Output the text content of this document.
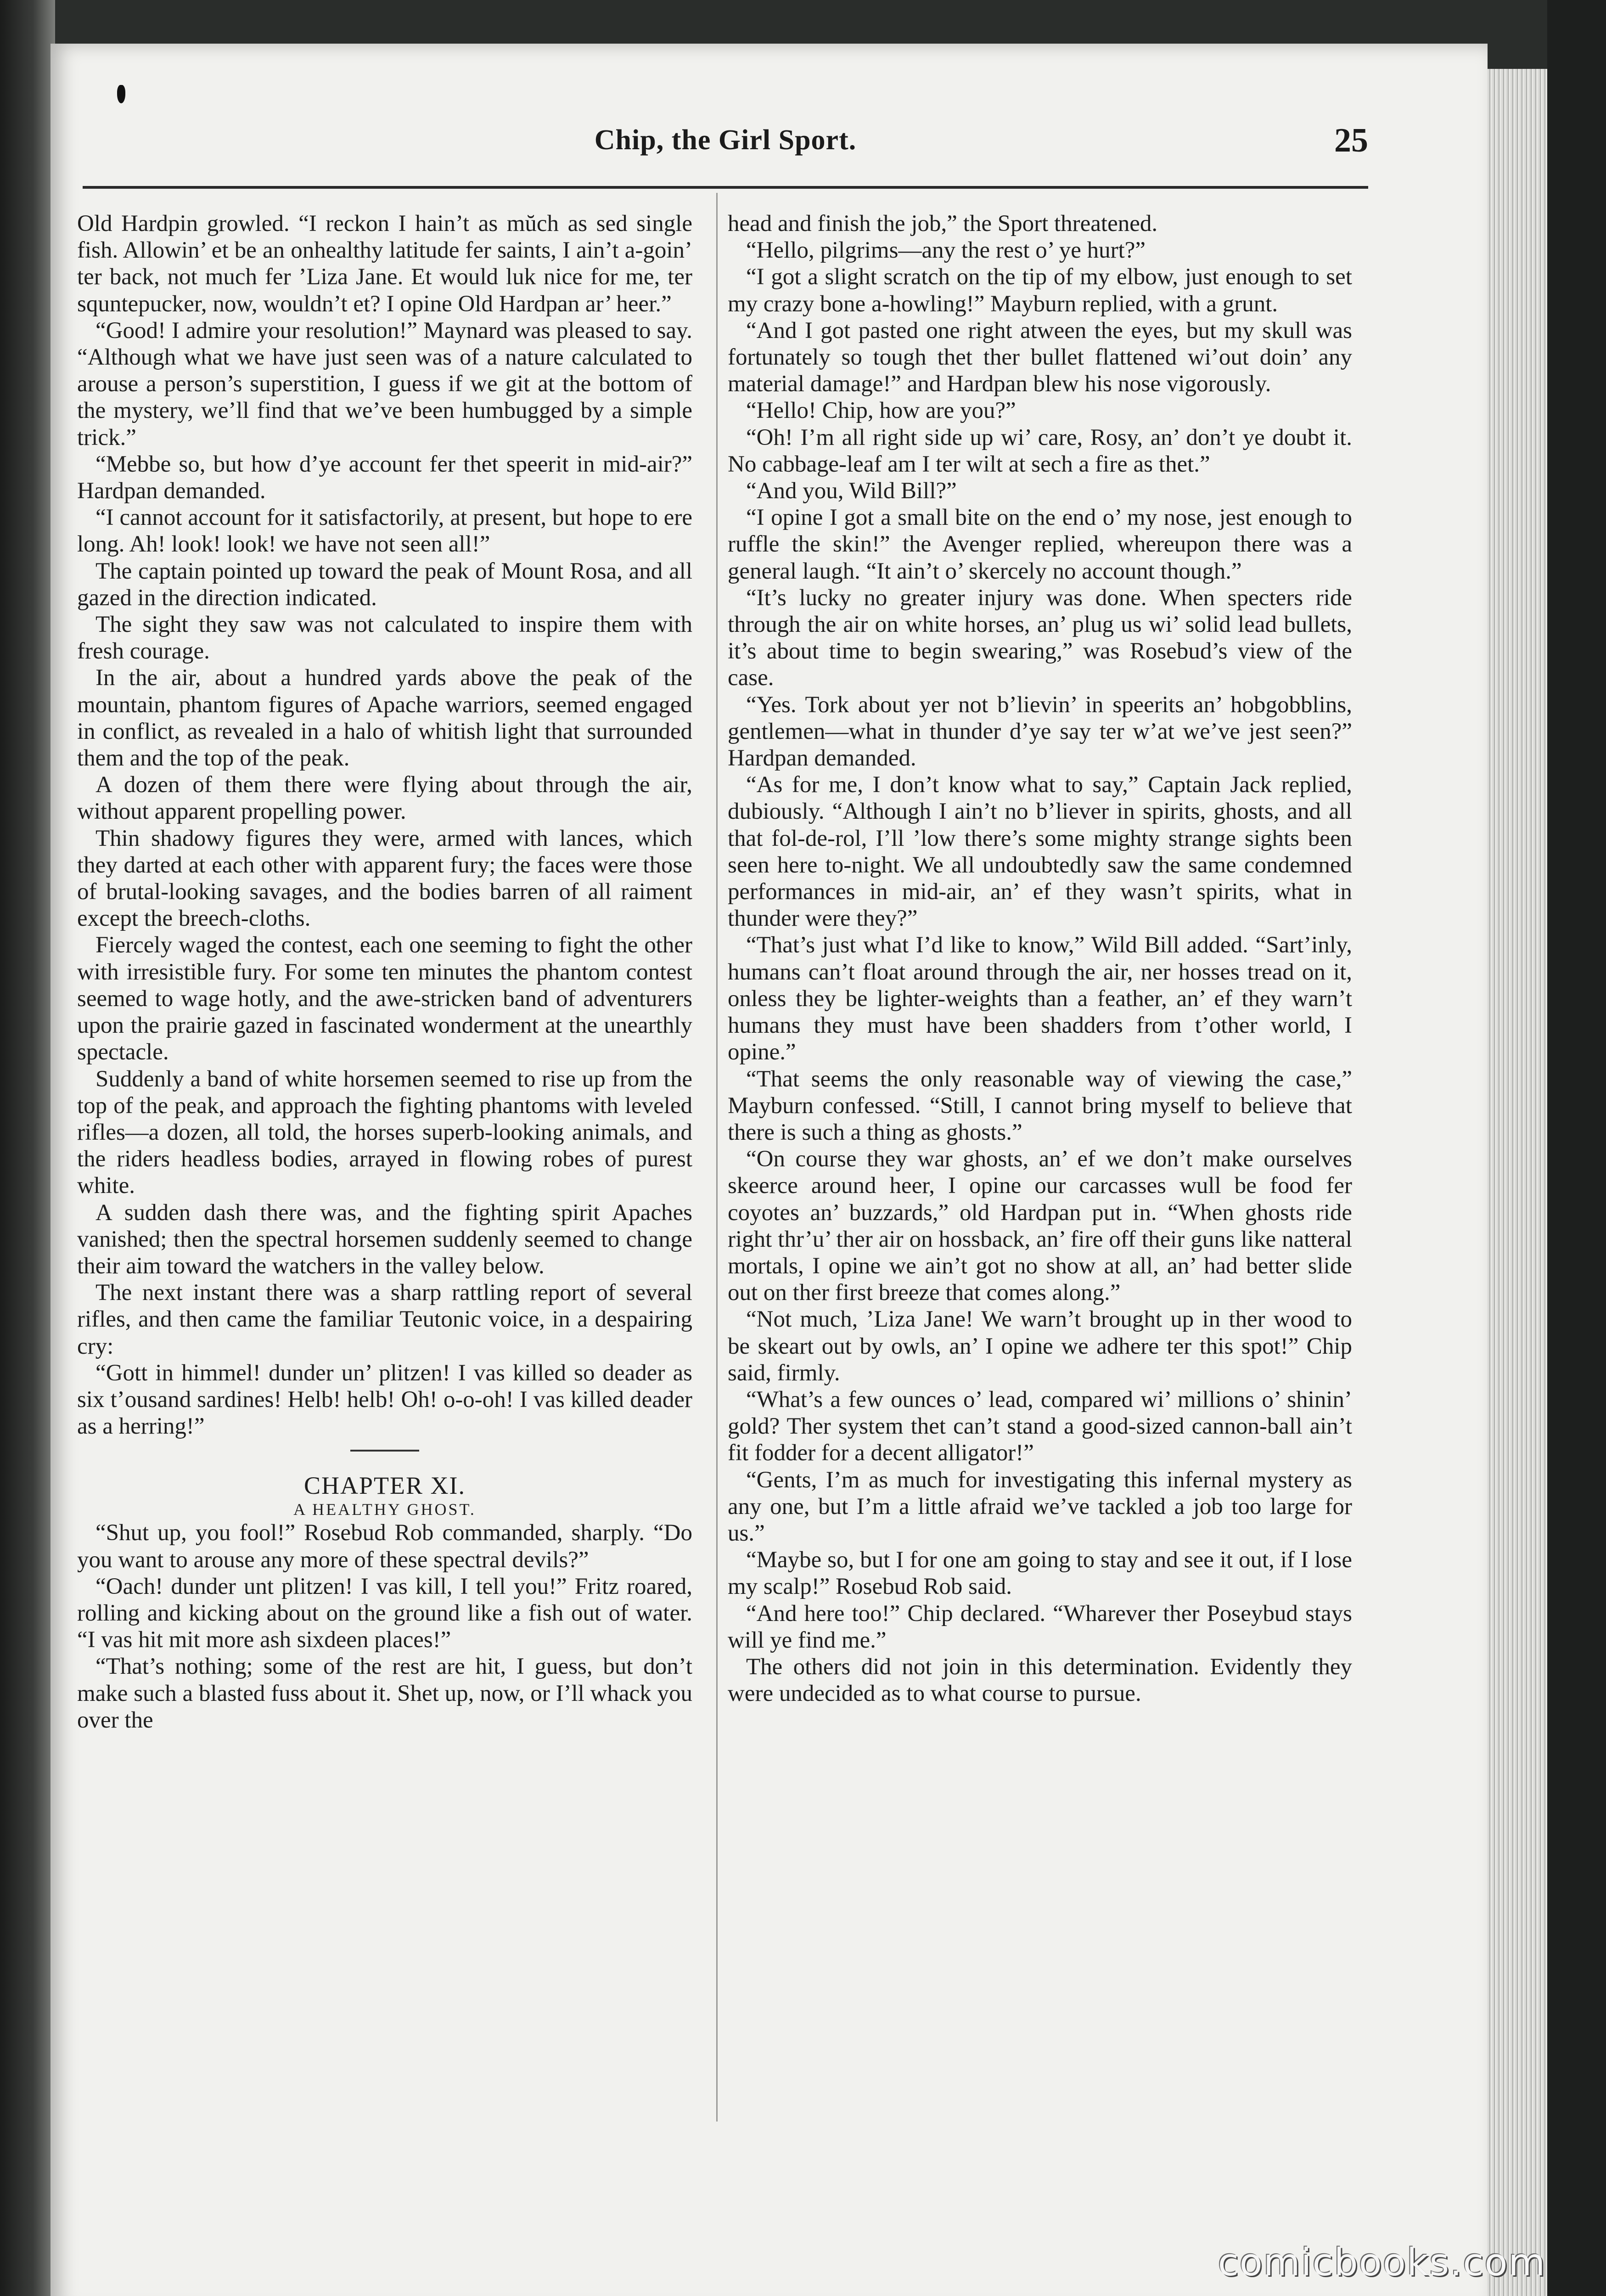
Chip, the Girl Sport.	25

Old Hardpin growled. “I reckon I hain’t as mŭch as sed single fish. Allowin’ et be an onhealthy latitude fer saints, I ain’t a-goin’ ter back, not much fer ’Liza Jane. Et would luk nice for me, ter squntepucker, now, wouldn’t et? I opine Old Hardpan ar’ heer.”

“Good! I admire your resolution!” Maynard was pleased to say. “Although what we have just seen was of a nature calculated to arouse a person’s superstition, I guess if we git at the bottom of the mystery, we’ll find that we’ve been humbugged by a simple trick.”

“Mebbe so, but how d’ye account fer thet speerit in mid-air?” Hardpan demanded.

“I cannot account for it satisfactorily, at present, but hope to ere long. Ah! look! look! we have not seen all!”

The captain pointed up toward the peak of Mount Rosa, and all gazed in the direction indicated.

The sight they saw was not calculated to inspire them with fresh courage.

In the air, about a hundred yards above the peak of the mountain, phantom figures of Apache warriors, seemed engaged in conflict, as revealed in a halo of whitish light that surrounded them and the top of the peak.

A dozen of them there were flying about through the air, without apparent propelling power.

Thin shadowy figures they were, armed with lances, which they darted at each other with apparent fury; the faces were those of brutal-looking savages, and the bodies barren of all raiment except the breech-cloths.

Fiercely waged the contest, each one seeming to fight the other with irresistible fury. For some ten minutes the phantom contest seemed to wage hotly, and the awe-stricken band of adventurers upon the prairie gazed in fascinated wonderment at the unearthly spectacle.

Suddenly a band of white horsemen seemed to rise up from the top of the peak, and approach the fighting phantoms with leveled rifles—a dozen, all told, the horses superb-looking animals, and the riders headless bodies, arrayed in flowing robes of purest white.

A sudden dash there was, and the fighting spirit Apaches vanished; then the spectral horsemen suddenly seemed to change their aim toward the watchers in the valley below.

The next instant there was a sharp rattling report of several rifles, and then came the familiar Teutonic voice, in a despairing cry:

“Gott in himmel! dunder un’ plitzen! I vas killed so deader as six t’ousand sardines! Helb! helb! Oh! o-o-oh! I vas killed deader as a herring!”

CHAPTER XI.
A HEALTHY GHOST.

“Shut up, you fool!” Rosebud Rob commanded, sharply. “Do you want to arouse any more of these spectral devils?”

“Oach! dunder unt plitzen! I vas kill, I tell you!” Fritz roared, rolling and kicking about on the ground like a fish out of water. “I vas hit mit more ash sixdeen places!”

“That’s nothing; some of the rest are hit, I guess, but don’t make such a blasted fuss about it. Shet up, now, or I’ll whack you over the

head and finish the job,” the Sport threatened.

“Hello, pilgrims—any the rest o’ ye hurt?”

“I got a slight scratch on the tip of my elbow, just enough to set my crazy bone a-howling!” Mayburn replied, with a grunt.

“And I got pasted one right atween the eyes, but my skull was fortunately so tough thet ther bullet flattened wi’out doin’ any material damage!” and Hardpan blew his nose vigorously.

“Hello! Chip, how are you?”

“Oh! I’m all right side up wi’ care, Rosy, an’ don’t ye doubt it. No cabbage-leaf am I ter wilt at sech a fire as thet.”

“And you, Wild Bill?”

“I opine I got a small bite on the end o’ my nose, jest enough to ruffle the skin!” the Avenger replied, whereupon there was a general laugh. “It ain’t o’ skercely no account though.”

“It’s lucky no greater injury was done. When specters ride through the air on white horses, an’ plug us wi’ solid lead bullets, it’s about time to begin swearing,” was Rosebud’s view of the case.

“Yes. Tork about yer not b’lievin’ in speerits an’ hobgobblins, gentlemen—what in thunder d’ye say ter w’at we’ve jest seen?” Hardpan demanded.

“As for me, I don’t know what to say,” Captain Jack replied, dubiously. “Although I ain’t no b’liever in spirits, ghosts, and all that fol-de-rol, I’ll ’low there’s some mighty strange sights been seen here to-night. We all undoubtedly saw the same condemned performances in mid-air, an’ ef they wasn’t spirits, what in thunder were they?”

“That’s just what I’d like to know,” Wild Bill added. “Sart’inly, humans can’t float around through the air, ner hosses tread on it, onless they be lighter-weights than a feather, an’ ef they warn’t humans they must have been shadders from t’other world, I opine.”

“That seems the only reasonable way of viewing the case,” Mayburn confessed. “Still, I cannot bring myself to believe that there is such a thing as ghosts.”

“On course they war ghosts, an’ ef we don’t make ourselves skeerce around heer, I opine our carcasses wull be food fer coyotes an’ buzzards,” old Hardpan put in. “When ghosts ride right thr’u’ ther air on hossback, an’ fire off their guns like natteral mortals, I opine we ain’t got no show at all, an’ had better slide out on ther first breeze that comes along.”

“Not much, ’Liza Jane! We warn’t brought up in ther wood to be skeart out by owls, an’ I opine we adhere ter this spot!” Chip said, firmly.

“What’s a few ounces o’ lead, compared wi’ millions o’ shinin’ gold? Ther system thet can’t stand a good-sized cannon-ball ain’t fit fodder for a decent alligator!”

“Gents, I’m as much for investigating this infernal mystery as any one, but I’m a little afraid we’ve tackled a job too large for us.”

“Maybe so, but I for one am going to stay and see it out, if I lose my scalp!” Rosebud Rob said.

“And here too!” Chip declared. “Wharever ther Poseybud stays will ye find me.”

The others did not join in this determination. Evidently they were undecided as to what course to pursue.

comicbooks.com
